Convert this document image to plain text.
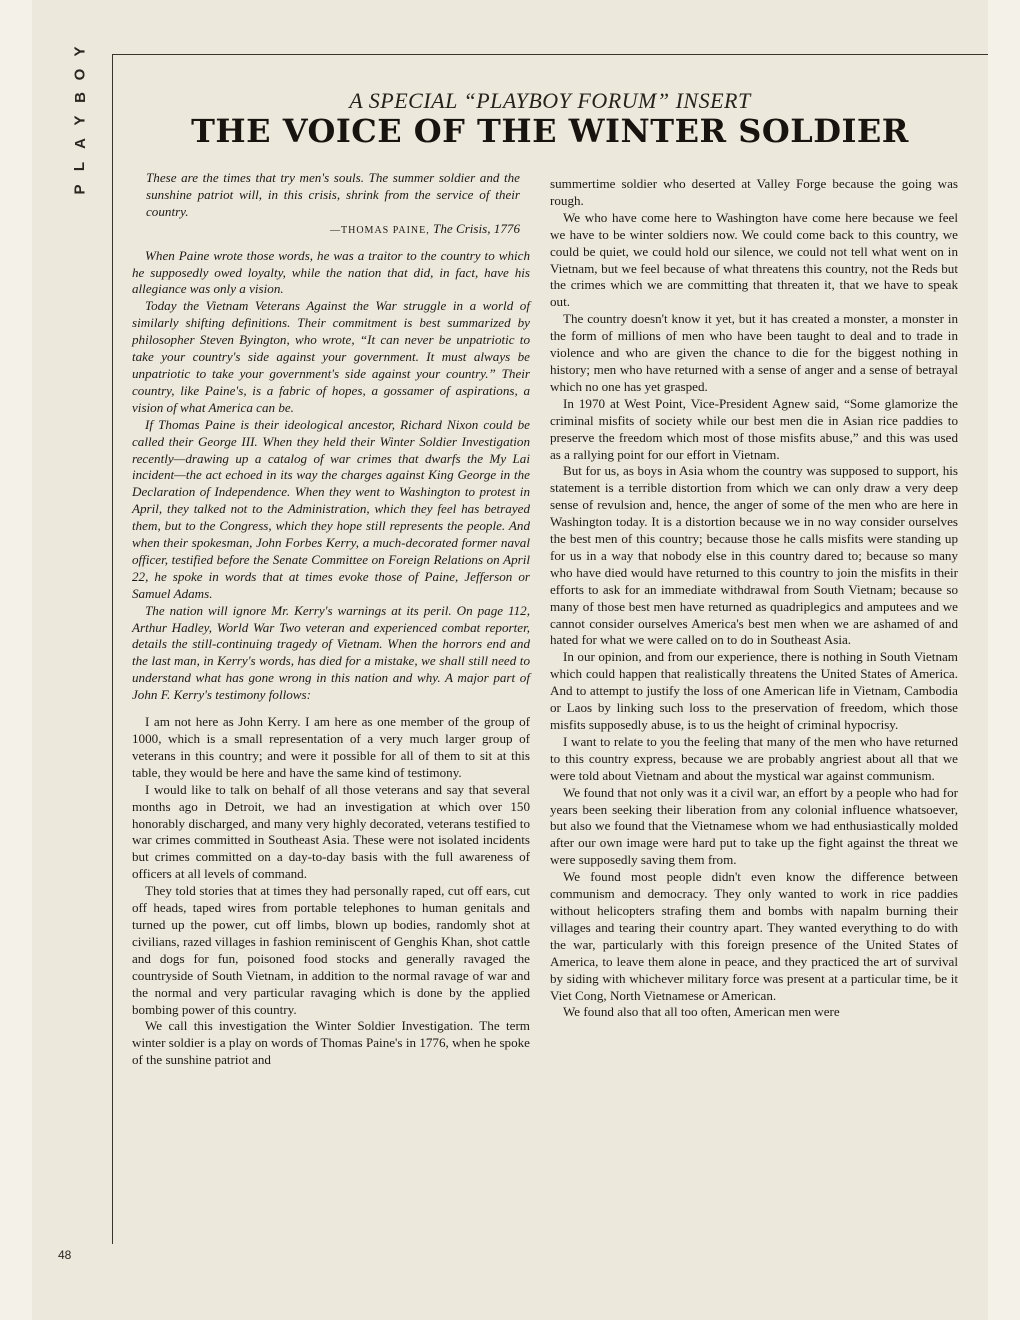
Y
O
B
Y
A
L
P
A SPECIAL “PLAYBOY FORUM” INSERT
THE VOICE OF THE WINTER SOLDIER

These are the times that try men's souls. The summer soldier and the sunshine patriot will, in this crisis, shrink from the service of their country.

—THOMAS PAINE, The Crisis, 1776

When Paine wrote those words, he was a traitor to the country to which he supposedly owed loyalty, while the nation that did, in fact, have his allegiance was only a vision.

Today the Vietnam Veterans Against the War struggle in a world of similarly shifting definitions. Their commitment is best summarized by philosopher Steven Byington, who wrote, “It can never be unpatriotic to take your country's side against your government. It must always be unpatriotic to take your government's side against your country.” Their country, like Paine's, is a fabric of hopes, a gossamer of aspirations, a vision of what America can be.

If Thomas Paine is their ideological ancestor, Richard Nixon could be called their George III. When they held their Winter Soldier Investigation recently—drawing up a catalog of war crimes that dwarfs the My Lai incident—the act echoed in its way the charges against King George in the Declaration of Independence. When they went to Washington to protest in April, they talked not to the Administration, which they feel has betrayed them, but to the Congress, which they hope still represents the people. And when their spokesman, John Forbes Kerry, a much-decorated former naval officer, testified before the Senate Committee on Foreign Relations on April 22, he spoke in words that at times evoke those of Paine, Jefferson or Samuel Adams.

The nation will ignore Mr. Kerry's warnings at its peril. On page 112, Arthur Hadley, World War Two veteran and experienced combat reporter, details the still-continuing tragedy of Vietnam. When the horrors end and the last man, in Kerry's words, has died for a mistake, we shall still need to understand what has gone wrong in this nation and why. A major part of John F. Kerry's testimony follows:

I am not here as John Kerry. I am here as one member of the group of 1000, which is a small representation of a very much larger group of veterans in this country; and were it possible for all of them to sit at this table, they would be here and have the same kind of testimony.

I would like to talk on behalf of all those veterans and say that several months ago in Detroit, we had an investigation at which over 150 honorably discharged, and many very highly decorated, veterans testified to war crimes committed in Southeast Asia. These were not isolated incidents but crimes committed on a day-to-day basis with the full awareness of officers at all levels of command.

They told stories that at times they had personally raped, cut off ears, cut off heads, taped wires from portable telephones to human genitals and turned up the power, cut off limbs, blown up bodies, randomly shot at civilians, razed villages in fashion reminiscent of Genghis Khan, shot cattle and dogs for fun, poisoned food stocks and generally ravaged the countryside of South Vietnam, in addition to the normal ravage of war and the normal and very particular ravaging which is done by the applied bombing power of this country.

We call this investigation the Winter Soldier Investigation. The term winter soldier is a play on words of Thomas Paine's in 1776, when he spoke of the sunshine patriot and

summertime soldier who deserted at Valley Forge because the going was rough.

We who have come here to Washington have come here because we feel we have to be winter soldiers now. We could come back to this country, we could be quiet, we could hold our silence, we could not tell what went on in Vietnam, but we feel because of what threatens this country, not the Reds but the crimes which we are committing that threaten it, that we have to speak out.

The country doesn't know it yet, but it has created a monster, a monster in the form of millions of men who have been taught to deal and to trade in violence and who are given the chance to die for the biggest nothing in history; men who have returned with a sense of anger and a sense of betrayal which no one has yet grasped.

In 1970 at West Point, Vice-President Agnew said, “Some glamorize the criminal misfits of society while our best men die in Asian rice paddies to preserve the freedom which most of those misfits abuse,” and this was used as a rallying point for our effort in Vietnam.

But for us, as boys in Asia whom the country was supposed to support, his statement is a terrible distortion from which we can only draw a very deep sense of revulsion and, hence, the anger of some of the men who are here in Washington today. It is a distortion because we in no way consider ourselves the best men of this country; because those he calls misfits were standing up for us in a way that nobody else in this country dared to; because so many who have died would have returned to this country to join the misfits in their efforts to ask for an immediate withdrawal from South Vietnam; because so many of those best men have returned as quadriplegics and amputees and we cannot consider ourselves America's best men when we are ashamed of and hated for what we were called on to do in Southeast Asia.

In our opinion, and from our experience, there is nothing in South Vietnam which could happen that realistically threatens the United States of America. And to attempt to justify the loss of one American life in Vietnam, Cambodia or Laos by linking such loss to the preservation of freedom, which those misfits supposedly abuse, is to us the height of criminal hypocrisy.

I want to relate to you the feeling that many of the men who have returned to this country express, because we are probably angriest about all that we were told about Vietnam and about the mystical war against communism.

We found that not only was it a civil war, an effort by a people who had for years been seeking their liberation from any colonial influence whatsoever, but also we found that the Vietnamese whom we had enthusiastically molded after our own image were hard put to take up the fight against the threat we were supposedly saving them from.

We found most people didn't even know the difference between communism and democracy. They only wanted to work in rice paddies without helicopters strafing them and bombs with napalm burning their villages and tearing their country apart. They wanted everything to do with the war, particularly with this foreign presence of the United States of America, to leave them alone in peace, and they practiced the art of survival by siding with whichever military force was present at a particular time, be it Viet Cong, North Vietnamese or American.

We found also that all too often, American men were

48
